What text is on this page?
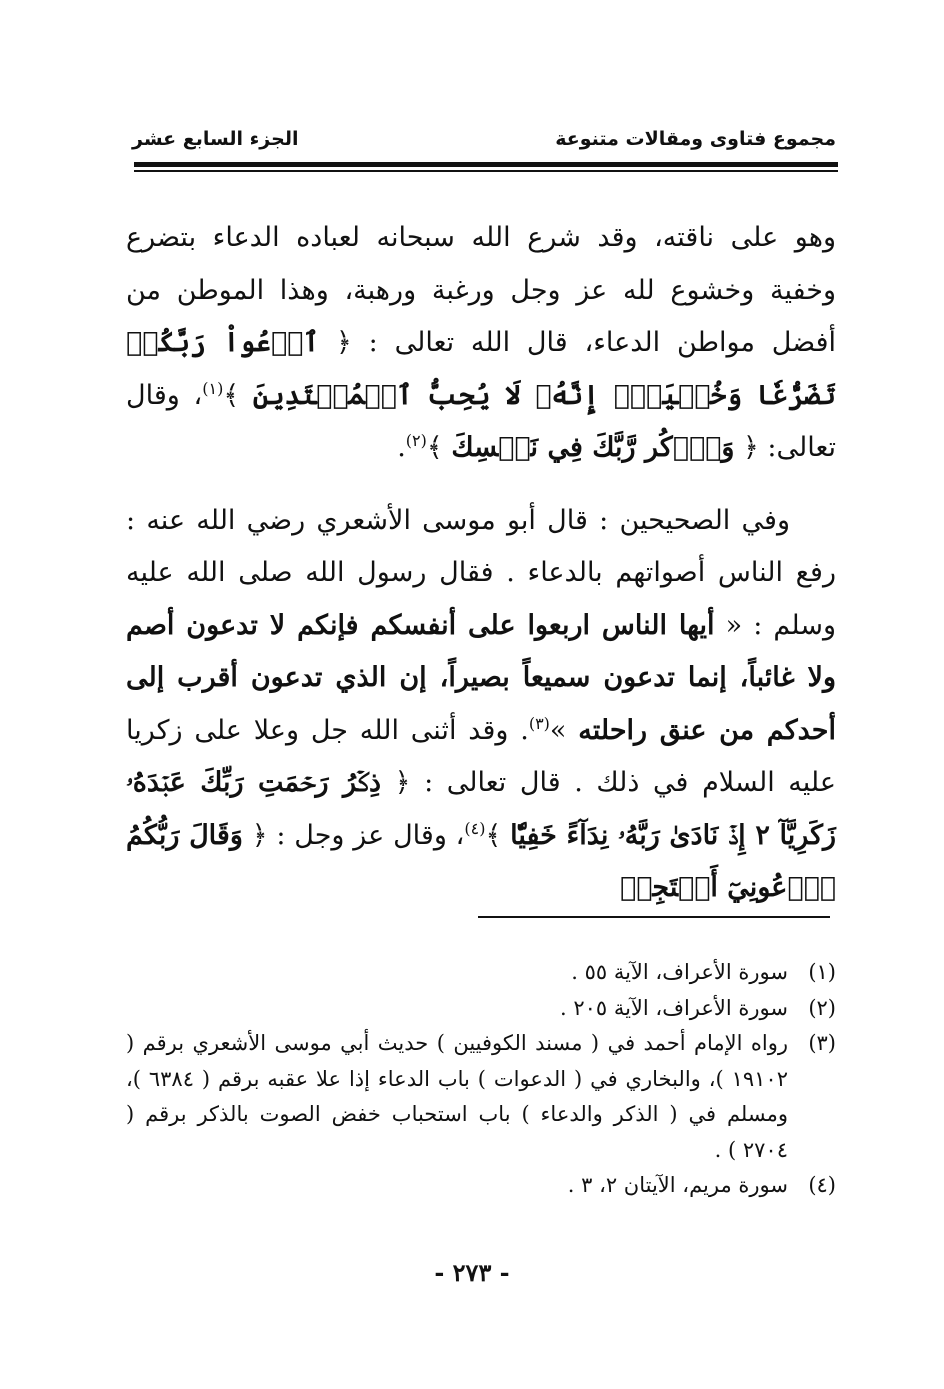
مجموع فتاوى ومقالات متنوعة
الجزء السابع عشر

وهو على ناقته، وقد شرع الله سبحانه لعباده الدعاء بتضرع وخفية وخشوع لله عز وجل ورغبة ورهبة، وهذا الموطن من أفضل مواطن الدعاء، قال الله تعالى : ﴿ ٱدۡعُواْ رَبَّكُمۡ تَضَرُّعٗا وَخُفۡيَةًۚ إِنَّهُۥ لَا يُحِبُّ ٱلۡمُعۡتَدِينَ ﴾$^{(١)}$، وقال تعالى: ﴿ وَٱذۡكُر رَّبَّكَ فِي نَفۡسِكَ ﴾$^{(٢)}$.

وفي الصحيحين : قال أبو موسى الأشعري رضي الله عنه : رفع الناس أصواتهم بالدعاء . فقال رسول الله صلى الله عليه وسلم : « أيها الناس اربعوا على أنفسكم فإنكم لا تدعون أصم ولا غائباً، إنما تدعون سميعاً بصيراً، إن الذي تدعون أقرب إلى أحدكم من عنق راحلته »$^{(٣)}$. وقد أثنى الله جل وعلا على زكريا عليه السلام في ذلك . قال تعالى : ﴿ ذِكۡرُ رَحۡمَتِ رَبِّكَ عَبۡدَهُۥ زَكَرِيَّآ ٢ إِذۡ نَادَىٰ رَبَّهُۥ نِدَآءً خَفِيّٗا ﴾$^{(٤)}$، وقال عز وجل : ﴿ وَقَالَ رَبُّكُمُ ٱدۡعُونِيٓ أَسۡتَجِبۡ

(١)
سورة الأعراف، الآية ٥٥ .
(٢)
سورة الأعراف، الآية ٢٠٥ .
(٣)
رواه الإمام أحمد في ( مسند الكوفيين ) حديث أبي موسى الأشعري برقم ( ١٩١٠٢ )، والبخاري في ( الدعوات ) باب الدعاء إذا علا عقبه برقم ( ٦٣٨٤ )، ومسلم في ( الذكر والدعاء ) باب استحباب خفض الصوت بالذكر برقم ( ٢٧٠٤ ) .
(٤)
سورة مريم، الآيتان ٢، ٣ .
- ٢٧٣ -
